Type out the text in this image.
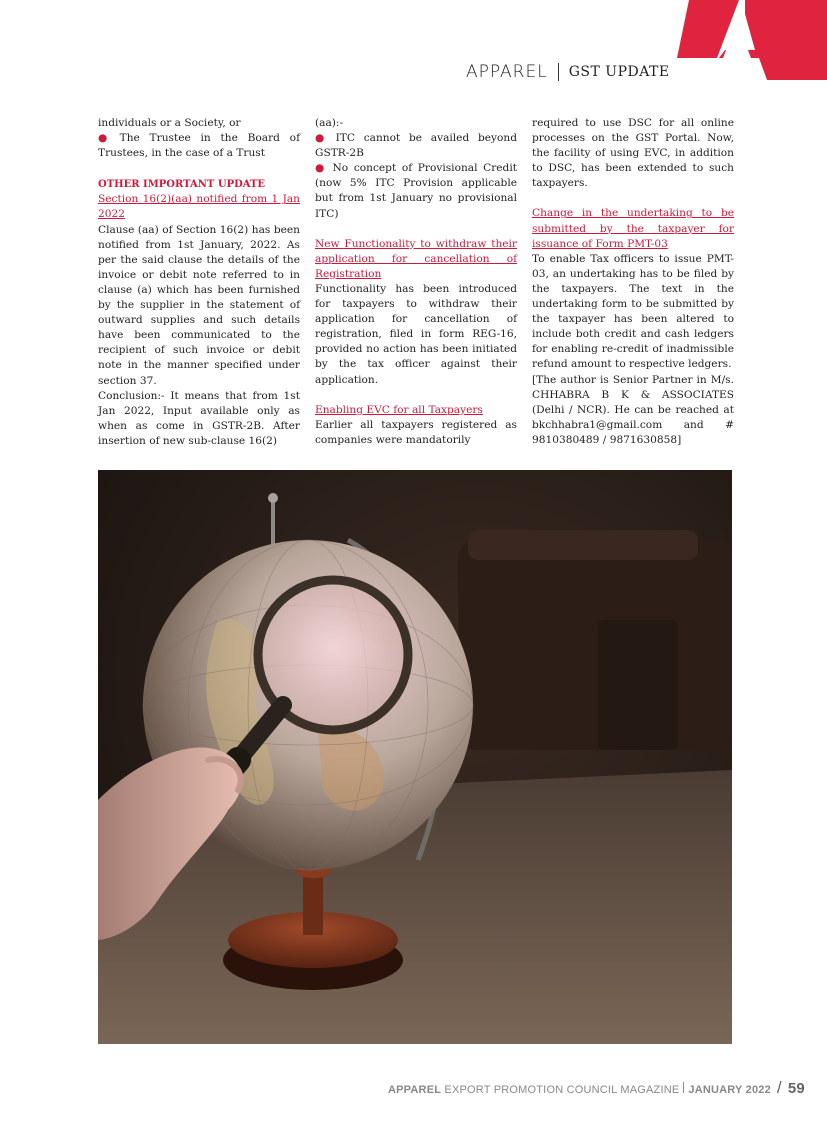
APPAREL GST UPDATE

individuals or a Society, or

● The Trustee in the Board of Trustees, in the case of a Trust

OTHER IMPORTANT UPDATE

Section 16(2)(aa) notified from 1 Jan 2022

Clause (aa) of Section 16(2) has been notified from 1st January, 2022. As per the said clause the details of the invoice or debit note referred to in clause (a) which has been furnished by the supplier in the statement of outward supplies and such details have been communicated to the recipient of such invoice or debit note in the manner specified under section 37.

Conclusion:- It means that from 1st Jan 2022, Input available only as when as come in GSTR-2B. After insertion of new sub-clause 16(2)

(aa):-

● ITC cannot be availed beyond GSTR-2B

● No concept of Provisional Credit (now 5% ITC Provision applicable but from 1st January no provisional ITC)

New Functionality to withdraw their application for cancellation of Registration

Functionality has been introduced for taxpayers to withdraw their application for cancellation of registration, filed in form REG-16, provided no action has been initiated by the tax officer against their application.

Enabling EVC for all Taxpayers

Earlier all taxpayers registered as companies were mandatorily

required to use DSC for all online processes on the GST Portal. Now, the facility of using EVC, in addition to DSC, has been extended to such taxpayers.

Change in the undertaking to be submitted by the taxpayer for issuance of Form PMT-03

To enable Tax officers to issue PMT-03, an undertaking has to be filed by the taxpayers. The text in the undertaking form to be submitted by the taxpayer has been altered to include both credit and cash ledgers for enabling re-credit of inadmissible refund amount to respective ledgers.

[The author is Senior Partner in M/s. CHHABRA B K & ASSOCIATES (Delhi / NCR). He can be reached at bkchhabra1@gmail.com and # 9810380489 / 9871630858]

APPAREL
EXPORT PROMOTION COUNCIL MAGAZINE JANUARY 2022 / 59
